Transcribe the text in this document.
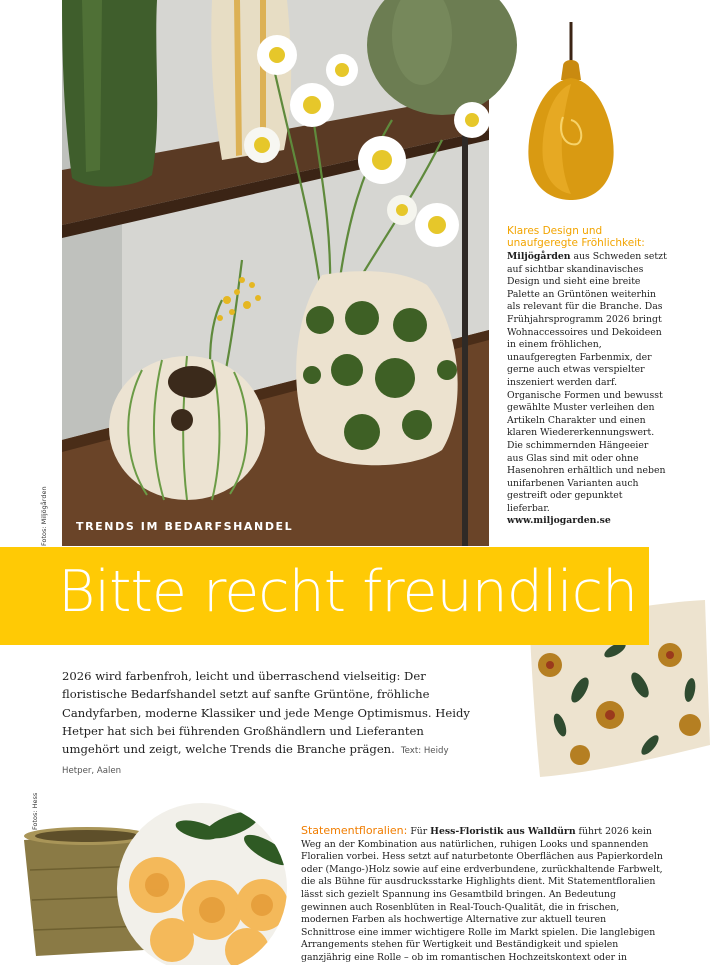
TRENDS IM BEDARFSHANDEL
Fotos: Miljögården
Klares Design und unaufgeregte Fröhlichkeit:
Miljögården aus Schweden setzt auf sichtbar skandinavisches Design und sieht eine breite Palette an Grüntönen weiterhin als relevant für die Branche. Das Frühjahrsprogramm 2026 bringt Wohnaccessoires und Dekoideen in einem fröhlichen, unaufgeregten Farbenmix, der gerne auch etwas verspielter inszeniert werden darf. Organische Formen und bewusst gewählte Muster verleihen den Artikeln Charakter und einen klaren Wiedererkennungswert. Die schimmernden Hängeeier aus Glas sind mit oder ohne Hasenohren erhältlich und neben unifarbenen Varianten auch gestreift oder gepunktet lieferbar.
www.miljogarden.se
Bitte recht freundlich

2026 wird farbenfroh, leicht und überraschend vielseitig: Der floristische Bedarfshandel setzt auf sanfte Grüntöne, fröhliche Candyfarben, moderne Klassiker und jede Menge Optimismus. Heidy Hetper hat sich bei führenden Großhändlern und Lieferanten umgehört und zeigt, welche Trends die Branche prägen. Text: Heidy Hetper, Aalen

Fotos: Hess
Statementfloralien: Für Hess-Floristik aus Walldürn führt 2026 kein Weg an der Kombination aus natürlichen, ruhigen Looks und spannenden Floralien vorbei. Hess setzt auf naturbetonte Oberflächen aus Papierkordeln oder (Mango-)Holz sowie auf eine erdverbundene, zurückhaltende Farbwelt, die als Bühne für ausdrucksstarke Highlights dient. Mit Statementfloralien lässt sich gezielt Spannung ins Gesamtbild bringen. An Bedeutung gewinnen auch Rosenblüten in Real-Touch-Qualität, die in frischen, modernen Farben als hochwertige Alternative zur aktuell teuren Schnittrose eine immer wichtigere Rolle im Markt spielen. Die langlebigen Arrangements stehen für Wertigkeit und Beständigkeit und spielen ganzjährig eine Rolle – ob im romantischen Hochzeitskontext oder in
